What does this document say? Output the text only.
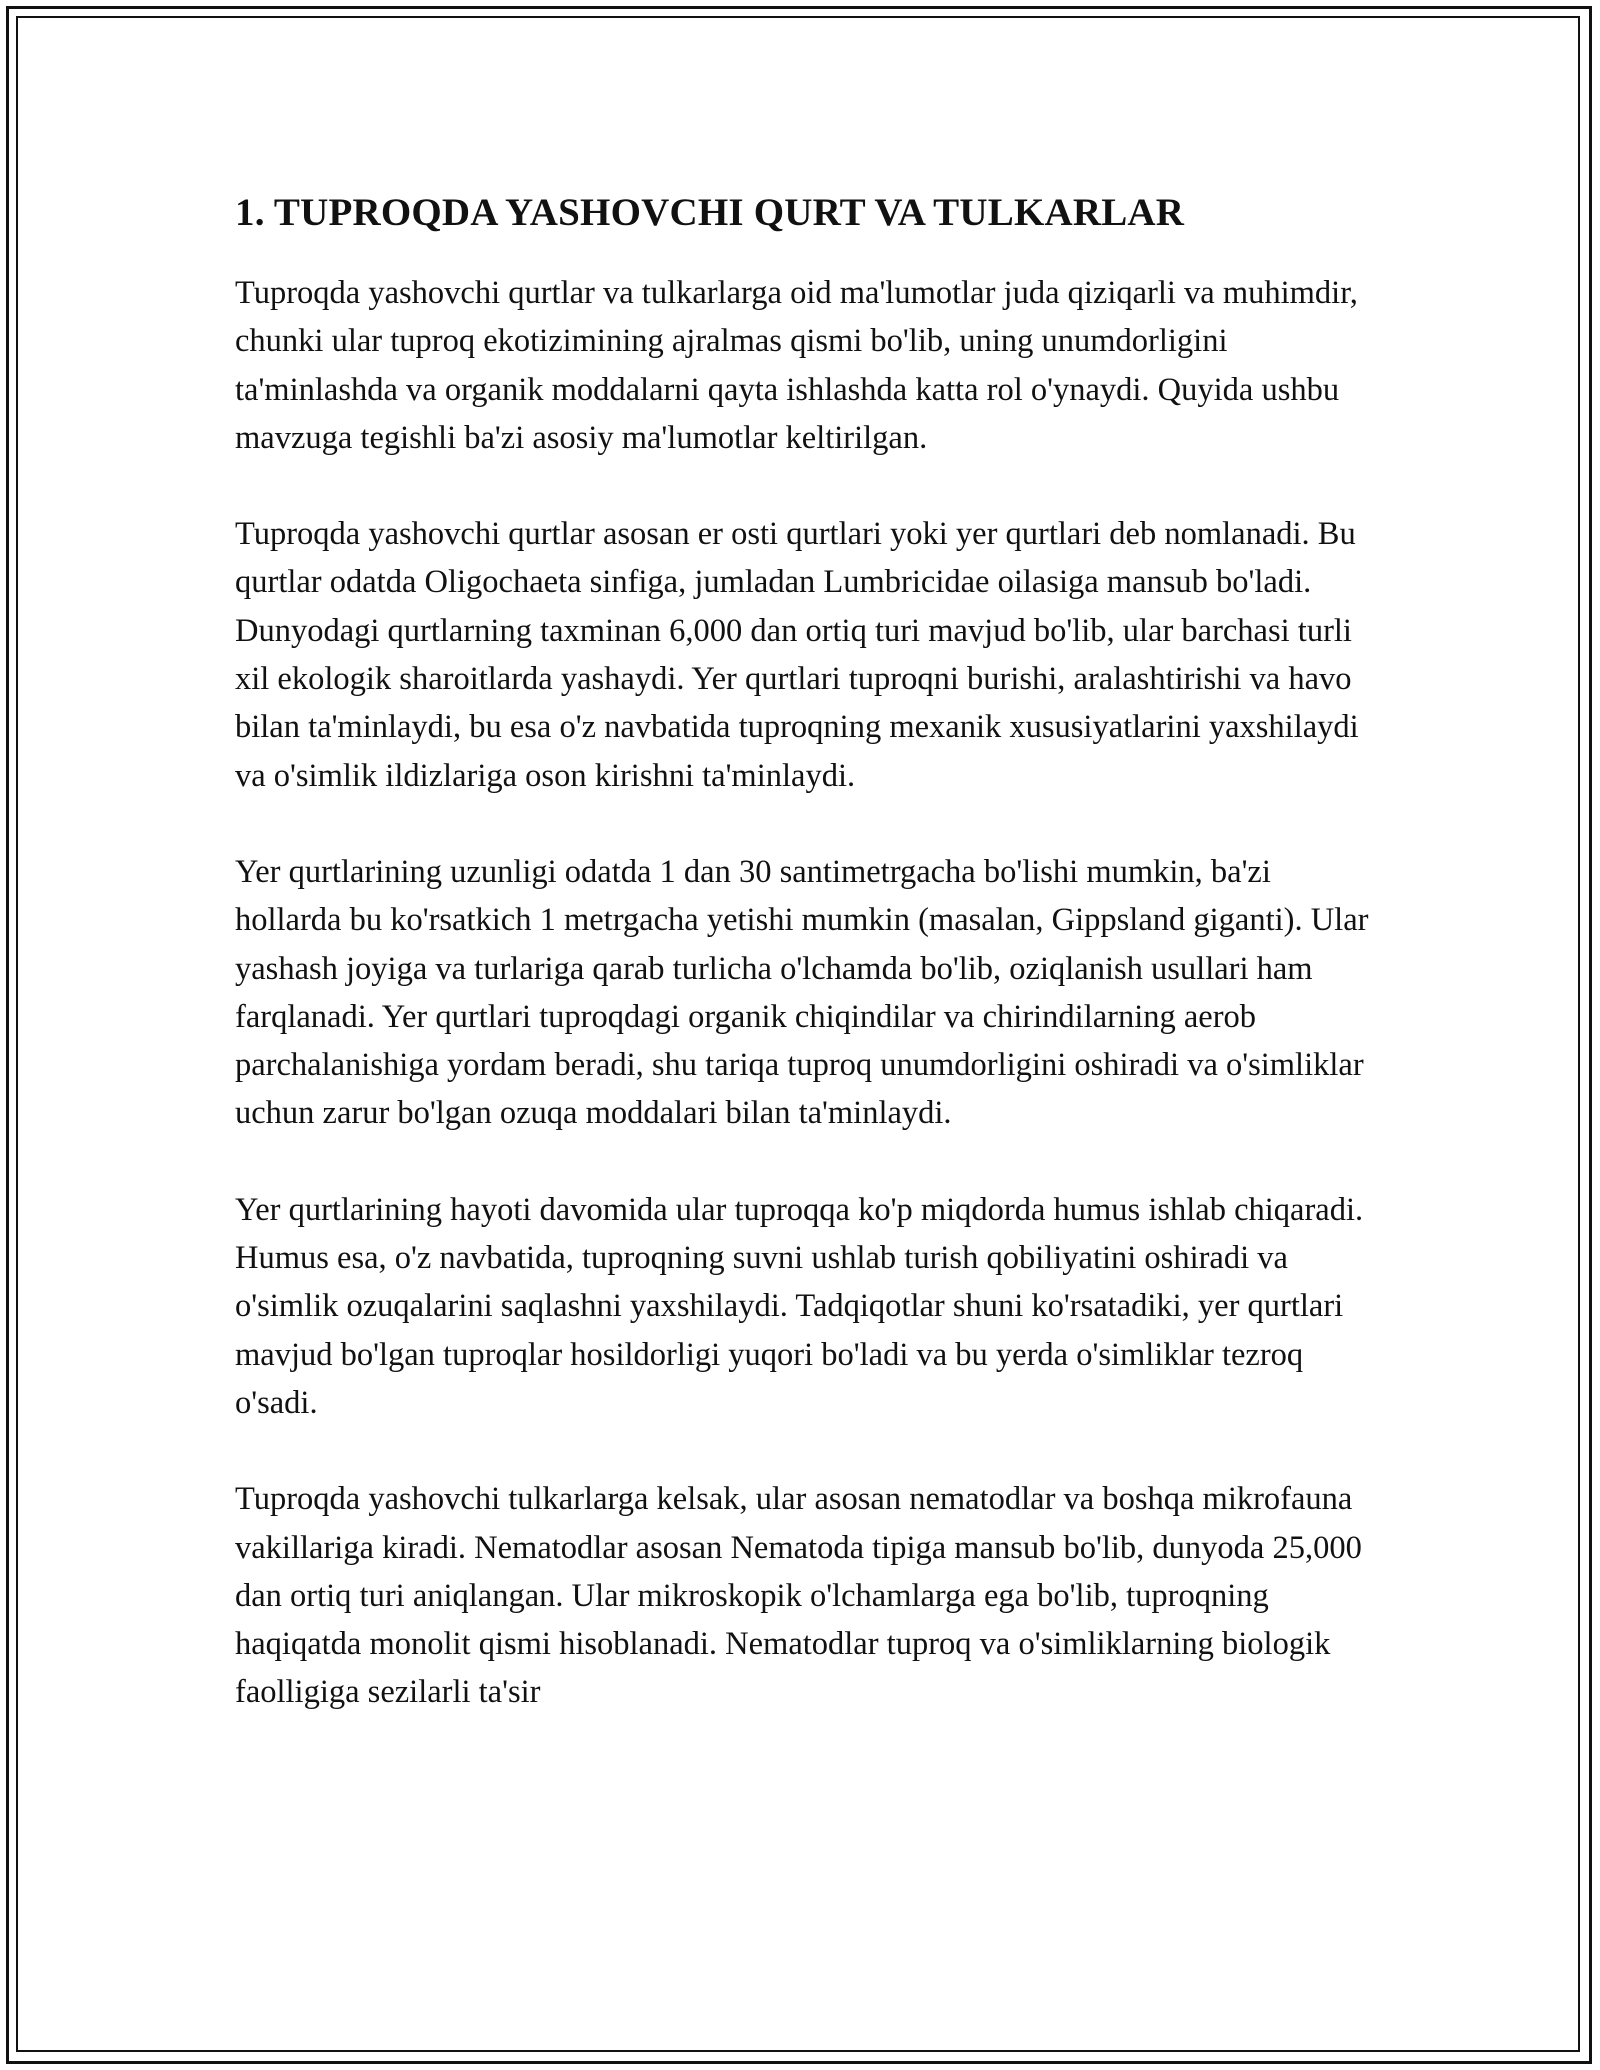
1. TUPROQDA YASHOVCHI QURT VA TULKARLAR

Tuproqda yashovchi qurtlar va tulkarlarga oid ma'lumotlar juda qiziqarli va muhimdir, chunki ular tuproq ekotizimining ajralmas qismi bo'lib, uning unumdorligini ta'minlashda va organik moddalarni qayta ishlashda katta rol o'ynaydi. Quyida ushbu mavzuga tegishli ba'zi asosiy ma'lumotlar keltirilgan.

Tuproqda yashovchi qurtlar asosan er osti qurtlari yoki yer qurtlari deb nomlanadi. Bu qurtlar odatda Oligochaeta sinfiga, jumladan Lumbricidae oilasiga mansub bo'ladi. Dunyodagi qurtlarning taxminan 6,000 dan ortiq turi mavjud bo'lib, ular barchasi turli xil ekologik sharoitlarda yashaydi. Yer qurtlari tuproqni burishi, aralashtirishi va havo bilan ta'minlaydi, bu esa o'z navbatida tuproqning mexanik xususiyatlarini yaxshilaydi va o'simlik ildizlariga oson kirishni ta'minlaydi.

Yer qurtlarining uzunligi odatda 1 dan 30 santimetrgacha bo'lishi mumkin, ba'zi hollarda bu ko'rsatkich 1 metrgacha yetishi mumkin (masalan, Gippsland giganti). Ular yashash joyiga va turlariga qarab turlicha o'lchamda bo'lib, oziqlanish usullari ham farqlanadi. Yer qurtlari tuproqdagi organik chiqindilar va chirindilarning aerob parchalanishiga yordam beradi, shu tariqa tuproq unumdorligini oshiradi va o'simliklar uchun zarur bo'lgan ozuqa moddalari bilan ta'minlaydi.

Yer qurtlarining hayoti davomida ular tuproqqa ko'p miqdorda humus ishlab chiqaradi. Humus esa, o'z navbatida, tuproqning suvni ushlab turish qobiliyatini oshiradi va o'simlik ozuqalarini saqlashni yaxshilaydi. Tadqiqotlar shuni ko'rsatadiki, yer qurtlari mavjud bo'lgan tuproqlar hosildorligi yuqori bo'ladi va bu yerda o'simliklar tezroq o'sadi.

Tuproqda yashovchi tulkarlarga kelsak, ular asosan nematodlar va boshqa mikrofauna vakillariga kiradi. Nematodlar asosan Nematoda tipiga mansub bo'lib, dunyoda 25,000 dan ortiq turi aniqlangan. Ular mikroskopik o'lchamlarga ega bo'lib, tuproqning haqiqatda monolit qismi hisoblanadi. Nematodlar tuproq va o'simliklarning biologik faolligiga sezilarli ta'sir
